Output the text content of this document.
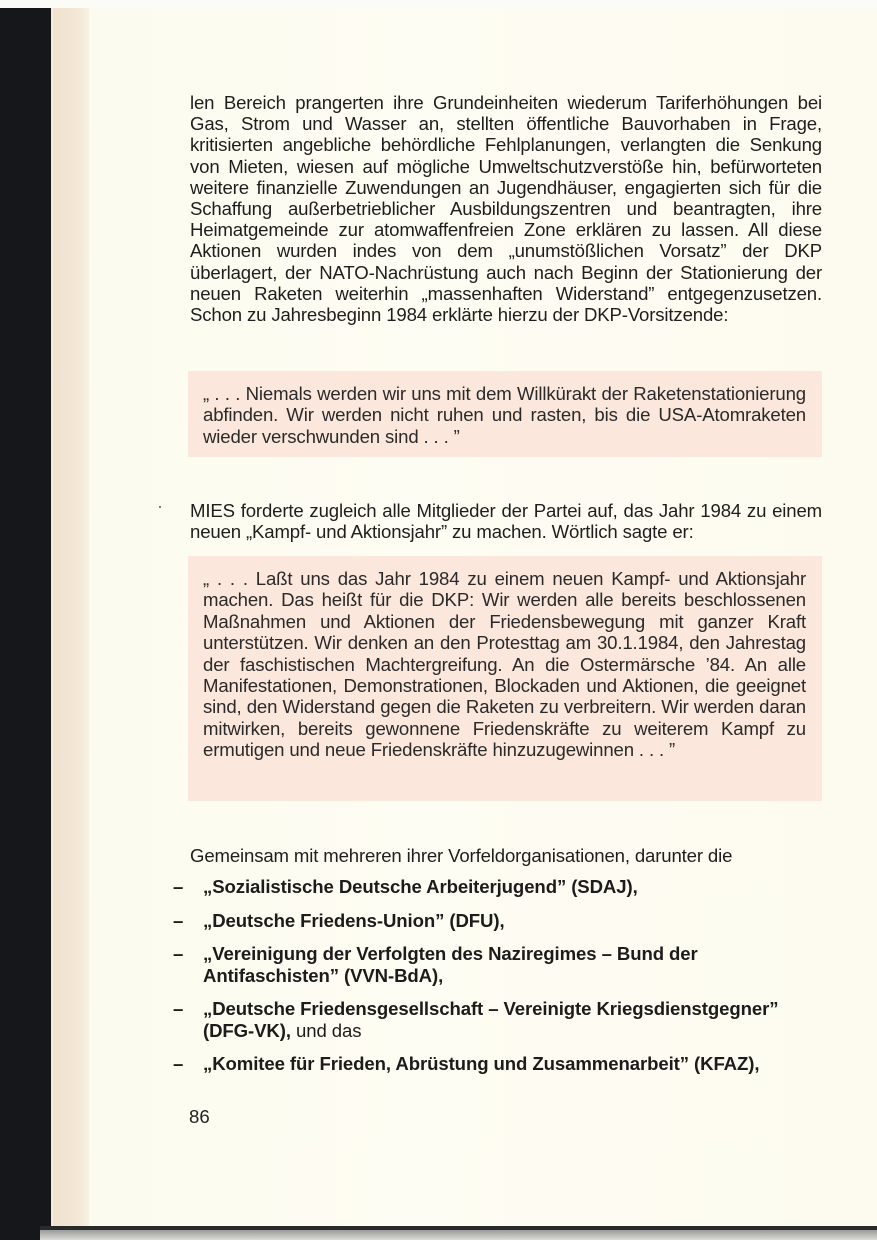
len Bereich prangerten ihre Grundeinheiten wiederum Tariferhöhungen bei Gas, Strom und Wasser an, stellten öffentliche Bauvorhaben in Frage, kritisierten angebliche behördliche Fehlplanungen, verlangten die Senkung von Mieten, wiesen auf mögliche Umweltschutzverstöße hin, befürworteten weitere finanzielle Zuwendungen an Jugendhäuser, engagierten sich für die Schaffung außerbetrieblicher Ausbildungszentren und beantragten, ihre Heimatgemeinde zur atomwaffenfreien Zone erklären zu lassen. All diese Aktionen wurden indes von dem „unumstößlichen Vorsatz” der DKP überlagert, der NATO-Nachrüstung auch nach Beginn der Stationierung der neuen Raketen weiterhin „massenhaften Widerstand” entgegenzusetzen. Schon zu Jahresbeginn 1984 erklärte hierzu der DKP-Vorsitzende:

„ . . . Niemals werden wir uns mit dem Willkürakt der Raketenstationierung abfinden. Wir werden nicht ruhen und rasten, bis die USA-Atomraketen wieder verschwunden sind . . . ”

MIES forderte zugleich alle Mitglieder der Partei auf, das Jahr 1984 zu einem neuen „Kampf- und Aktionsjahr” zu machen. Wörtlich sagte er:

„ . . . Laßt uns das Jahr 1984 zu einem neuen Kampf- und Aktionsjahr machen. Das heißt für die DKP: Wir werden alle bereits beschlossenen Maßnahmen und Aktionen der Friedensbewegung mit ganzer Kraft unterstützen. Wir denken an den Protesttag am 30.1.1984, den Jahrestag der faschistischen Machtergreifung. An die Ostermärsche ’84. An alle Manifestationen, Demonstrationen, Blockaden und Aktionen, die geeignet sind, den Widerstand gegen die Raketen zu verbreitern. Wir werden daran mitwirken, bereits gewonnene Friedenskräfte zu weiterem Kampf zu ermutigen und neue Friedenskräfte hinzuzugewinnen . . . ”

Gemeinsam mit mehreren ihrer Vorfeldorganisationen, darunter die

– „Sozialistische Deutsche Arbeiterjugend” (SDAJ),
– „Deutsche Friedens-Union” (DFU),
– „Vereinigung der Verfolgten des Naziregimes – Bund der Antifaschisten” (VVN-BdA),
– „Deutsche Friedensgesellschaft – Vereinigte Kriegsdienstgegner” (DFG-VK), und das
– „Komitee für Frieden, Abrüstung und Zusammenarbeit” (KFAZ),
86
